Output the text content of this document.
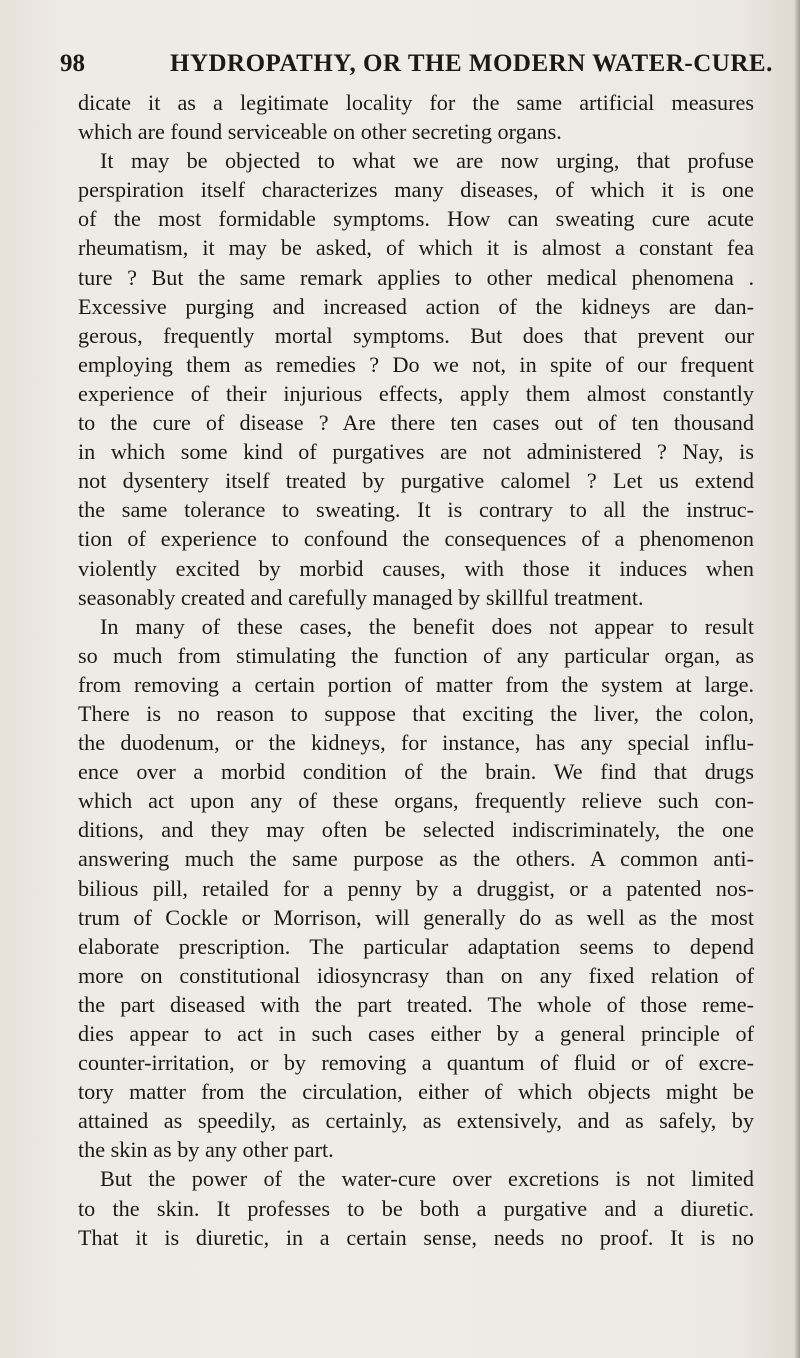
98	HYDROPATHY, OR THE MODERN WATER-CURE.
dicate it as a legitimate locality for the same artificial measures
which are found serviceable on other secreting organs.
It may be objected to what we are now urging, that profuse
perspiration itself characterizes many diseases, of which it is one
of the most formidable symptoms. How can sweating cure acute
rheumatism, it may be asked, of which it is almost a constant fea
ture ? But the same remark applies to other medical phenomena .
Excessive purging and increased action of the kidneys are dan-
gerous, frequently mortal symptoms. But does that prevent our
employing them as remedies ? Do we not, in spite of our frequent
experience of their injurious effects, apply them almost constantly
to the cure of disease ? Are there ten cases out of ten thousand
in which some kind of purgatives are not administered ? Nay, is
not dysentery itself treated by purgative calomel ? Let us extend
the same tolerance to sweating. It is contrary to all the instruc-
tion of experience to confound the consequences of a phenomenon
violently excited by morbid causes, with those it induces when
seasonably created and carefully managed by skillful treatment.
In many of these cases, the benefit does not appear to result
so much from stimulating the function of any particular organ, as
from removing a certain portion of matter from the system at large.
There is no reason to suppose that exciting the liver, the colon,
the duodenum, or the kidneys, for instance, has any special influ-
ence over a morbid condition of the brain. We find that drugs
which act upon any of these organs, frequently relieve such con-
ditions, and they may often be selected indiscriminately, the one
answering much the same purpose as the others. A common anti-
bilious pill, retailed for a penny by a druggist, or a patented nos-
trum of Cockle or Morrison, will generally do as well as the most
elaborate prescription. The particular adaptation seems to depend
more on constitutional idiosyncrasy than on any fixed relation of
the part diseased with the part treated. The whole of those reme-
dies appear to act in such cases either by a general principle of
counter-irritation, or by removing a quantum of fluid or of excre-
tory matter from the circulation, either of which objects might be
attained as speedily, as certainly, as extensively, and as safely, by
the skin as by any other part.
But the power of the water-cure over excretions is not limited
to the skin. It professes to be both a purgative and a diuretic.
That it is diuretic, in a certain sense, needs no proof. It is no
